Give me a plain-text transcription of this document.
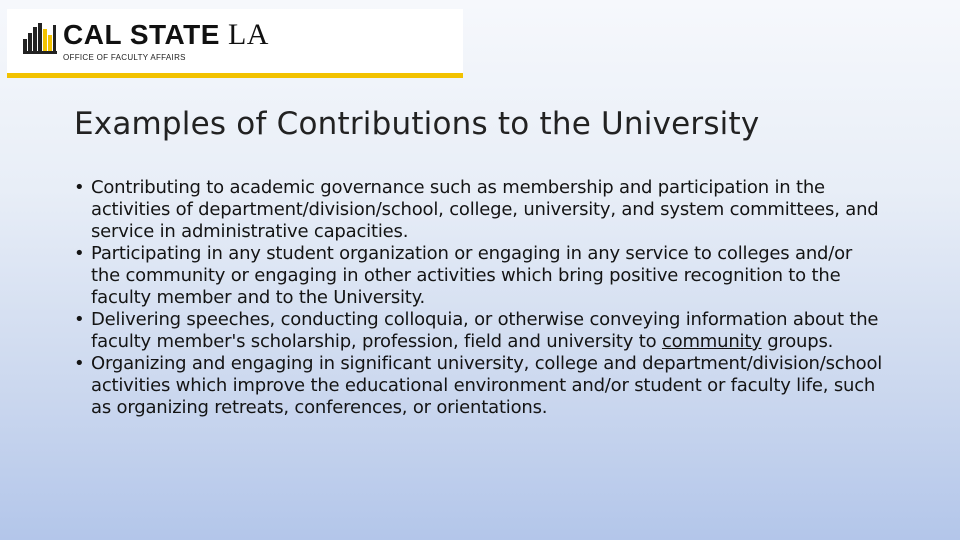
CAL STATE LA
OFFICE OF FACULTY AFFAIRS
Examples of Contributions to the University
• Contributing to academic governance such as membership and participation in the activities of department/division/school, college, university, and system committees, and service in administrative capacities.
• Participating in any student organization or engaging in any service to colleges and/or the community or engaging in other activities which bring positive recognition to the faculty member and to the University.
• Delivering speeches, conducting colloquia, or otherwise conveying information about the faculty member's scholarship, profession, field and university to community groups.
• Organizing and engaging in significant university, college and department/division/school activities which improve the educational environment and/or student or faculty life, such as organizing retreats, conferences, or orientations.
